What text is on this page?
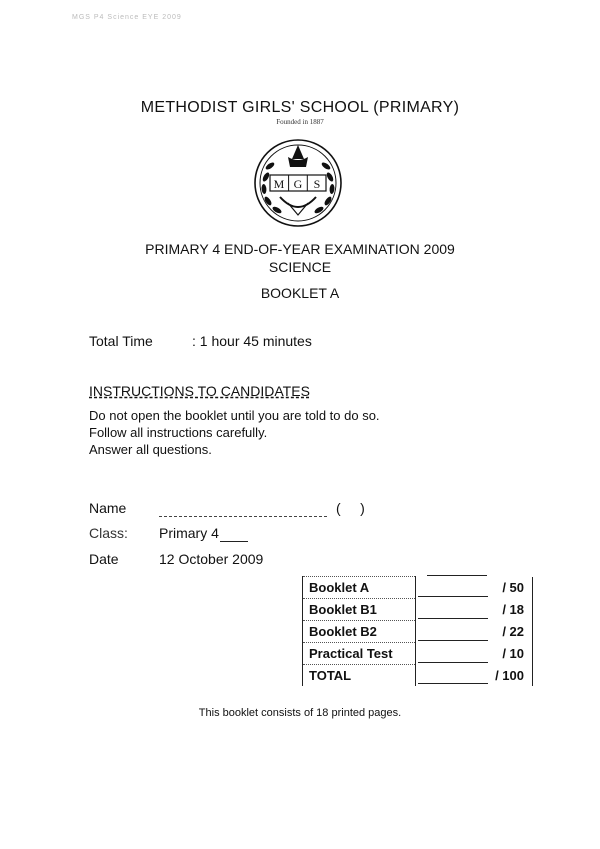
MGS P4 Science EYE 2009
METHODIST GIRLS' SCHOOL (PRIMARY)
Founded in 1887
M G S
PRIMARY 4 END-OF-YEAR EXAMINATION 2009
SCIENCE
BOOKLET A
Total Time	: 1 hour 45 minutes
INSTRUCTIONS TO CANDIDATES
Do not open the booklet until you are told to do so.
Follow all instructions carefully.
Answer all questions.
Name	(     )
Class: Primary 4
Date	12 October 2009
Booklet A	/ 50
Booklet B1	/ 18
Booklet B2	/ 22
Practical Test	/ 10
TOTAL	/ 100
This booklet consists of 18 printed pages.
